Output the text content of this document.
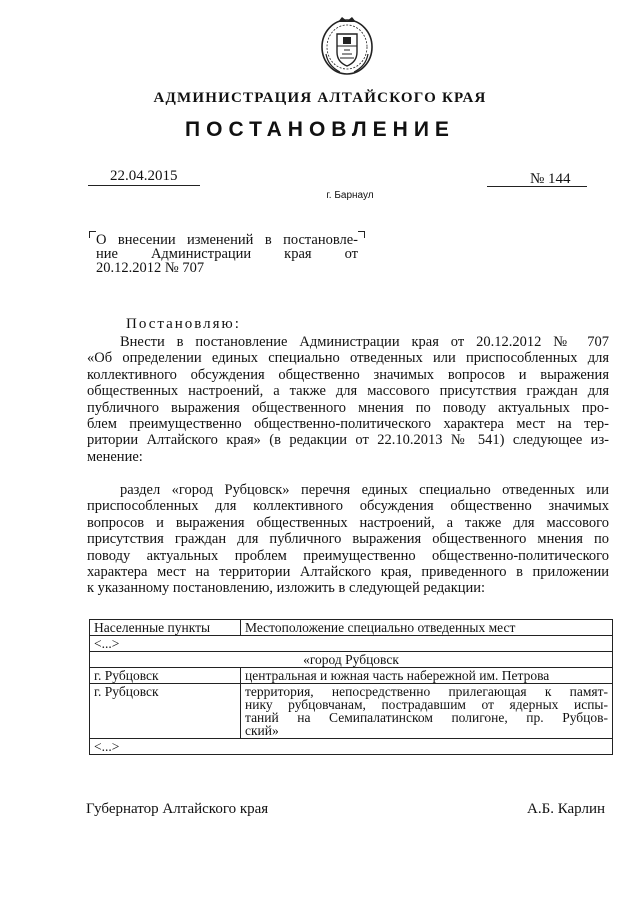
АДМИНИСТРАЦИЯ АЛТАЙСКОГО КРАЯ
ПОСТАНОВЛЕНИЕ
22.04.2015	№ 144
г. Барнаул
О внесении изменений в постановле-
ние Администрации края от
20.12.2012 № 707
Постановляю:
Внести в постановление Администрации края от 20.12.2012 № 707
«Об определении единых специально отведенных или приспособленных для
коллективного обсуждения общественно значимых вопросов и выражения
общественных настроений, а также для массового присутствия граждан для
публичного выражения общественного мнения по поводу актуальных про-
блем преимущественно общественно-политического характера мест на тер-
ритории Алтайского края» (в редакции от 22.10.2013 № 541) следующее из-
менение:
раздел «город Рубцовск» перечня единых специально отведенных или
приспособленных для коллективного обсуждения общественно значимых
вопросов и выражения общественных настроений, а также для массового
присутствия граждан для публичного выражения общественного мнения по
поводу актуальных проблем преимущественно общественно-политического
характера мест на территории Алтайского края, приведенного в приложении
к указанному постановлению, изложить в следующей редакции:
Населенные пункты	Местоположение специально отведенных мест
<...>	
«город Рубцовск	
г. Рубцовск	центральная и южная часть набережной им. Петрова
г. Рубцовск	территория, непосредственно прилегающая к памят-
нику рубцовчанам, пострадавшим от ядерных испы-
таний на Семипалатинском полигоне, пр. Рубцов-
ский»

<...>	
Губернатор Алтайского края	А.Б. Карлин
